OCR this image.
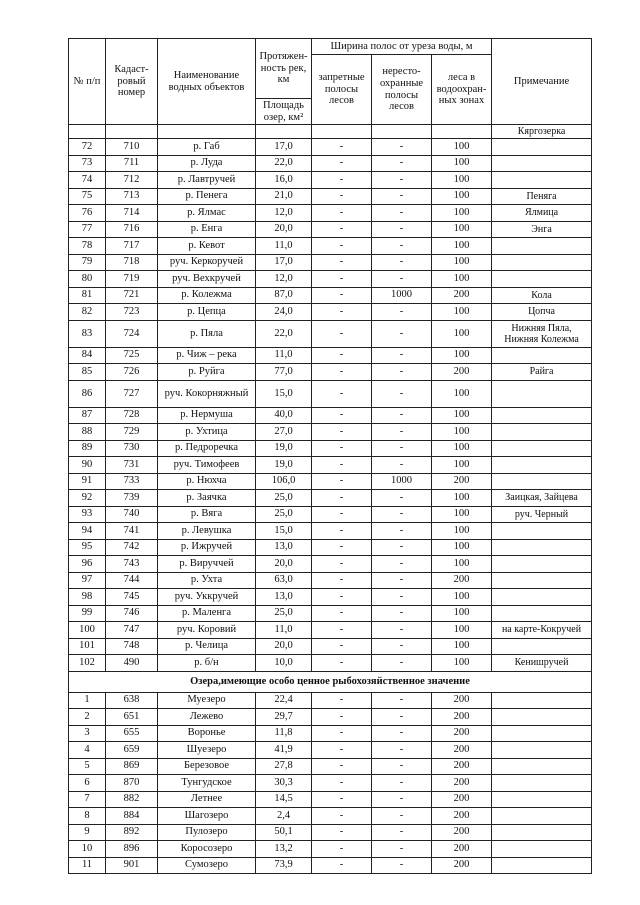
№ п/п	Кадаст-ровый номер	Наименование водных объектов	Протяжен-ность рек, км	Ширина полос от уреза воды, м			Примечание
				запретные полосы лесов	нересто-охранные полосы лесов	леса в водоохран-ных зонах	
			Площадь озер, км²				
							Кяргозерка
72	710	р. Габ	17,0	-	-	100	
73	711	р. Луда	22,0	-	-	100	
74	712	р. Лавтручей	16,0	-	-	100	
75	713	р. Пенега	21,0	-	-	100	Пеняга
76	714	р. Ялмас	12,0	-	-	100	Ялмица
77	716	р. Енга	20,0	-	-	100	Энга
78	717	р. Кевот	11,0	-	-	100	
79	718	руч. Керкоручей	17,0	-	-	100	
80	719	руч. Вехкручей	12,0	-	-	100	
81	721	р. Колежма	87,0	-	1000	200	Кола
82	723	р. Цепца	24,0	-	-	100	Цопча
83	724	р. Пяла	22,0	-	-	100	Нижняя Пяла, Нижняя Колежма
84	725	р. Чиж – река	11,0	-	-	100	
85	726	р. Руйга	77,0	-	-	200	Райга
86	727	руч. Кокорняжный	15,0	-	-	100	
87	728	р. Нермуша	40,0	-	-	100	
88	729	р. Ухтица	27,0	-	-	100	
89	730	р. Педроречка	19,0	-	-	100	
90	731	руч. Тимофеев	19,0	-	-	100	
91	733	р. Нюхча	106,0	-	1000	200	
92	739	р. Заячка	25,0	-	-	100	Заицкая, Зайцева
93	740	р. Вяга	25,0	-	-	100	руч. Черный
94	741	р. Левушка	15,0	-	-	100	
95	742	р. Ижручей	13,0	-	-	100	
96	743	р. Вируччей	20,0	-	-	100	
97	744	р. Ухта	63,0	-	-	200	
98	745	руч. Уккручей	13,0	-	-	100	
99	746	р. Маленга	25,0	-	-	100	
100	747	руч. Коровий	11,0	-	-	100	на карте-Кокручей
101	748	р. Челица	20,0	-	-	100	
102	490	р. б/н	10,0	-	-	100	Кенишручей
Озера,имеющие особо ценное рыбохозяйственное значение							
1	638	Муезеро	22,4	-	-	200	
2	651	Лежево	29,7	-	-	200	
3	655	Воронье	11,8	-	-	200	
4	659	Шуезеро	41,9	-	-	200	
5	869	Березовое	27,8	-	-	200	
6	870	Тунгудское	30,3	-	-	200	
7	882	Летнее	14,5	-	-	200	
8	884	Шагозеро	2,4	-	-	200	
9	892	Пулозеро	50,1	-	-	200	
10	896	Коросозеро	13,2	-	-	200	
11	901	Сумозеро	73,9	-	-	200	
